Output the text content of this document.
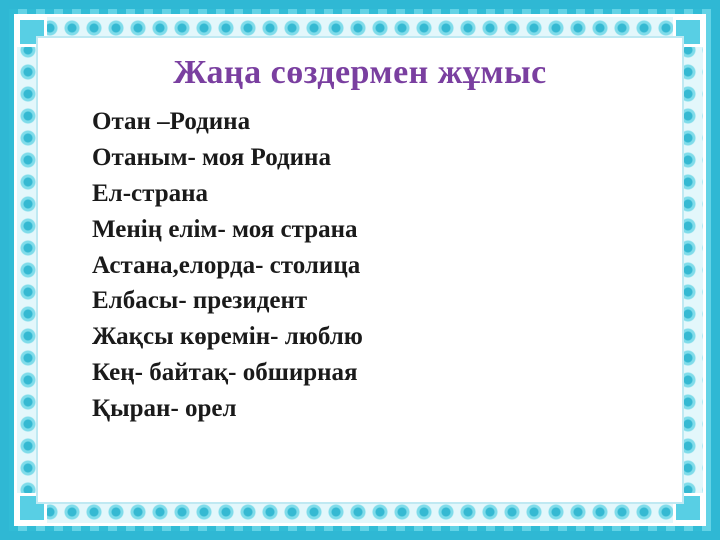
Жаңа сөздермен жұмыс
Отан –Родина
Отаным- моя Родина
Ел-страна
Менің елім- моя страна
Астана,елорда- столица
Елбасы- президент
Жақсы көремін- люблю
Кең- байтақ- обширная
Қыран- орел
